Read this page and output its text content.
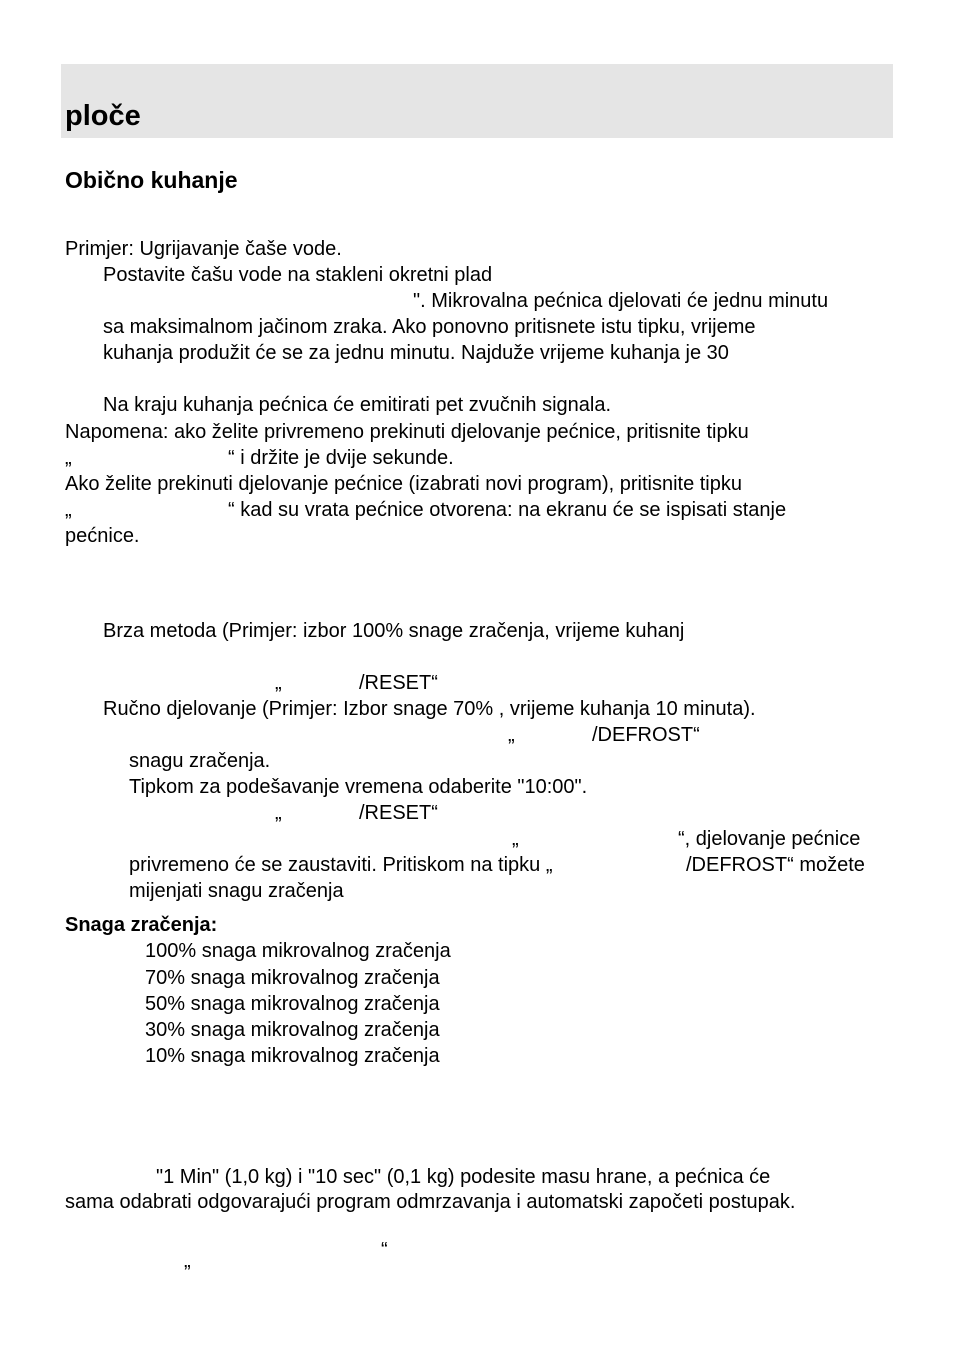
ploče
Obično kuhanje
Primjer: Ugrijavanje čaše vode.
Postavite čašu vode na stakleni okretni plad
". Mikrovalna pećnica djelovati će jednu minutu
sa maksimalnom jačinom zraka. Ako ponovno pritisnete istu tipku, vrijeme
kuhanja produžit će se za jednu minutu. Najduže vrijeme kuhanja je 30
Na kraju kuhanja pećnica će emitirati pet zvučnih signala.
Napomena: ako želite privremeno prekinuti djelovanje pećnice, pritisnite tipku
„	“ i držite je dvije sekunde.
Ako želite prekinuti djelovanje pećnice (izabrati novi program), pritisnite tipku
„	“ kad su vrata pećnice otvorena: na ekranu će se ispisati stanje
pećnice.
Brza metoda (Primjer: izbor 100% snage zračenja, vrijeme kuhanj
„	/RESET“
Ručno djelovanje (Primjer: Izbor snage 70% , vrijeme kuhanja 10 minuta).
„	/DEFROST“
snagu zračenja.
Tipkom za podešavanje vremena odaberite "10:00".
„	/RESET“
„	“, djelovanje pećnice
privremeno će se zaustaviti. Pritiskom na tipku „	/DEFROST“ možete
mijenjati snagu zračenja
Snaga zračenja:
100% snaga mikrovalnog zračenja
70% snaga mikrovalnog zračenja
50% snaga mikrovalnog zračenja
30% snaga mikrovalnog zračenja
10% snaga mikrovalnog zračenja
"1 Min" (1,0 kg) i "10 sec" (0,1 kg) podesite masu hrane, a pećnica će
sama odabrati odgovarajući program odmrzavanja i automatski započeti postupak.
“
„
